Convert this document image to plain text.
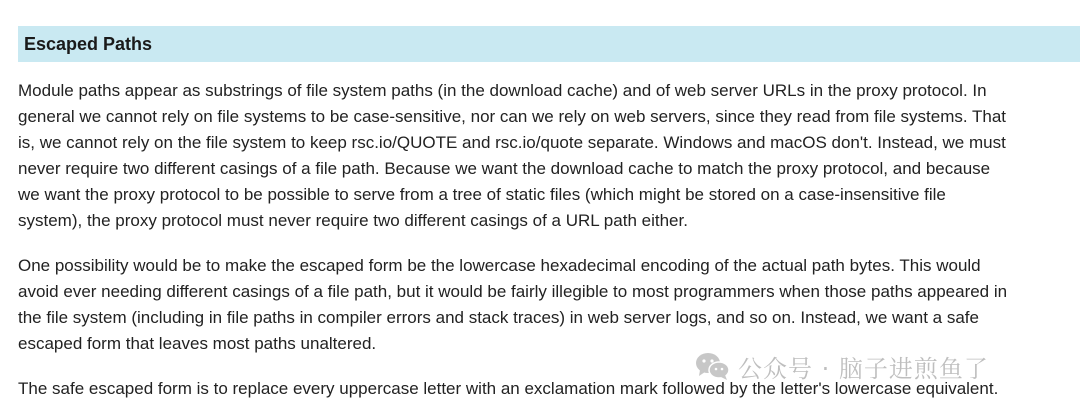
Escaped Paths

Module paths appear as substrings of file system paths (in the download cache) and of web server URLs in the proxy protocol. In
general we cannot rely on file systems to be case-sensitive, nor can we rely on web servers, since they read from file systems. That
is, we cannot rely on the file system to keep rsc.io/QUOTE and rsc.io/quote separate. Windows and macOS don't. Instead, we must
never require two different casings of a file path. Because we want the download cache to match the proxy protocol, and because
we want the proxy protocol to be possible to serve from a tree of static files (which might be stored on a case-insensitive file
system), the proxy protocol must never require two different casings of a URL path either.

One possibility would be to make the escaped form be the lowercase hexadecimal encoding of the actual path bytes. This would
avoid ever needing different casings of a file path, but it would be fairly illegible to most programmers when those paths appeared in
the file system (including in file paths in compiler errors and stack traces) in web server logs, and so on. Instead, we want a safe
escaped form that leaves most paths unaltered.

The safe escaped form is to replace every uppercase letter with an exclamation mark followed by the letter's lowercase equivalent.

公众号 · 脑子进煎鱼了
